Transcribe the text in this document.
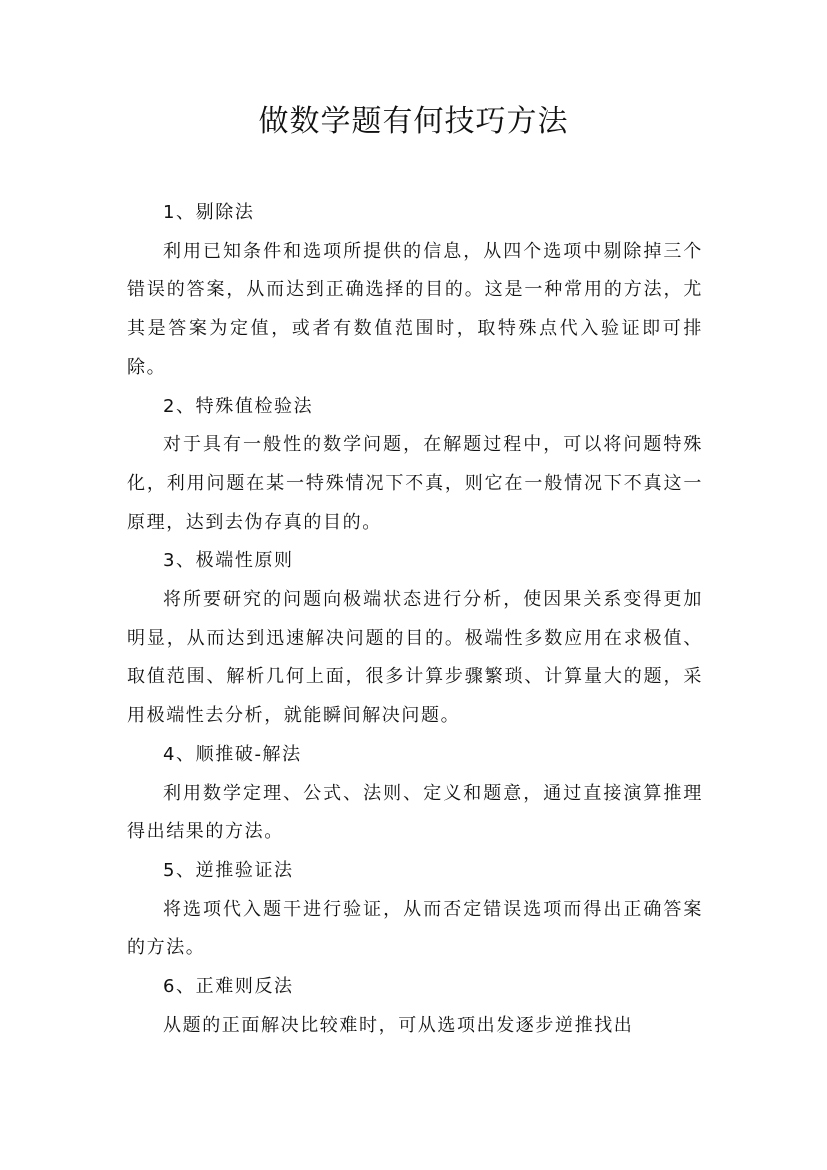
做数学题有何技巧方法

1、剔除法

利用已知条件和选项所提供的信息，从四个选项中剔除掉三个错误的答案，从而达到正确选择的目的。这是一种常用的方法，尤其是答案为定值，或者有数值范围时，取特殊点代入验证即可排除。

2、特殊值检验法

对于具有一般性的数学问题，在解题过程中，可以将问题特殊化，利用问题在某一特殊情况下不真，则它在一般情况下不真这一原理，达到去伪存真的目的。

3、极端性原则

将所要研究的问题向极端状态进行分析，使因果关系变得更加明显，从而达到迅速解决问题的目的。极端性多数应用在求极值、取值范围、解析几何上面，很多计算步骤繁琐、计算量大的题，采用极端性去分析，就能瞬间解决问题。

4、顺推破-解法

利用数学定理、公式、法则、定义和题意，通过直接演算推理得出结果的方法。

5、逆推验证法

将选项代入题干进行验证，从而否定错误选项而得出正确答案的方法。

6、正难则反法

从题的正面解决比较难时，可从选项出发逐步逆推找出
